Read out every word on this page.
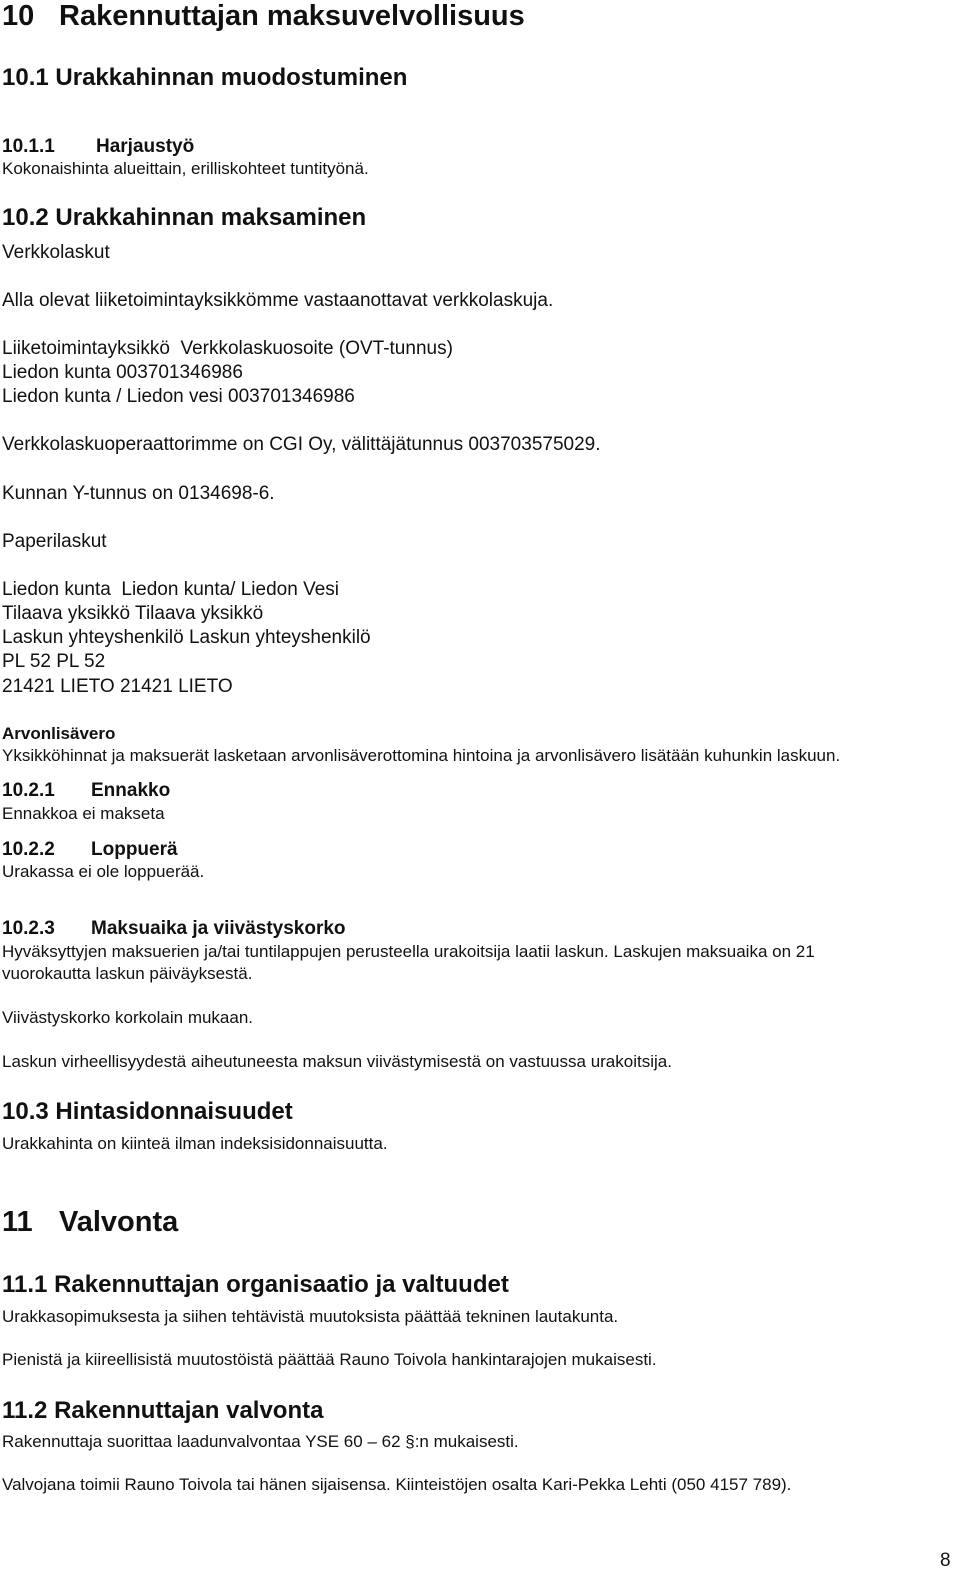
10 Rakennuttajan maksuvelvollisuus
10.1 Urakkahinnan muodostuminen
10.1.1 Harjaustyö
Kokonaishinta alueittain, erilliskohteet tuntityönä.
10.2 Urakkahinnan maksaminen
Verkkolaskut
Alla olevat liiketoimintayksikkömme vastaanottavat verkkolaskuja.
Liiketoimintayksikkö  Verkkolaskuosoite (OVT-tunnus)
Liedon kunta 003701346986
Liedon kunta / Liedon vesi 003701346986
Verkkolaskuoperaattorimme on CGI Oy, välittäjätunnus 003703575029.
Kunnan Y-tunnus on 0134698-6.
Paperilaskut
Liedon kunta  Liedon kunta/ Liedon Vesi
Tilaava yksikkö Tilaava yksikkö
Laskun yhteyshenkilö Laskun yhteyshenkilö
PL 52 PL 52
21421 LIETO 21421 LIETO
Arvonlisävero
Yksikköhinnat ja maksuerät lasketaan arvonlisäverottomina hintoina ja arvonlisävero lisätään kuhunkin laskuun.
10.2.1 Ennakko
Ennakkoa ei makseta
10.2.2 Loppuerä
Urakassa ei ole loppuerää.
10.2.3 Maksuaika ja viivästyskorko
Hyväksyttyjen maksuerien ja/tai tuntilappujen perusteella urakoitsija laatii laskun. Laskujen maksuaika on 21
vuorokautta laskun päiväyksestä.
Viivästyskorko korkolain mukaan.
Laskun virheellisyydestä aiheutuneesta maksun viivästymisestä on vastuussa urakoitsija.
10.3 Hintasidonnaisuudet
Urakkahinta on kiinteä ilman indeksisidonnaisuutta.
11 Valvonta
11.1 Rakennuttajan organisaatio ja valtuudet
Urakkasopimuksesta ja siihen tehtävistä muutoksista päättää tekninen lautakunta.
Pienistä ja kiireellisistä muutostöistä päättää Rauno Toivola hankintarajojen mukaisesti.
11.2 Rakennuttajan valvonta
Rakennuttaja suorittaa laadunvalvontaa YSE 60 – 62 §:n mukaisesti.
Valvojana toimii Rauno Toivola tai hänen sijaisensa. Kiinteistöjen osalta Kari-Pekka Lehti (050 4157 789).
8
